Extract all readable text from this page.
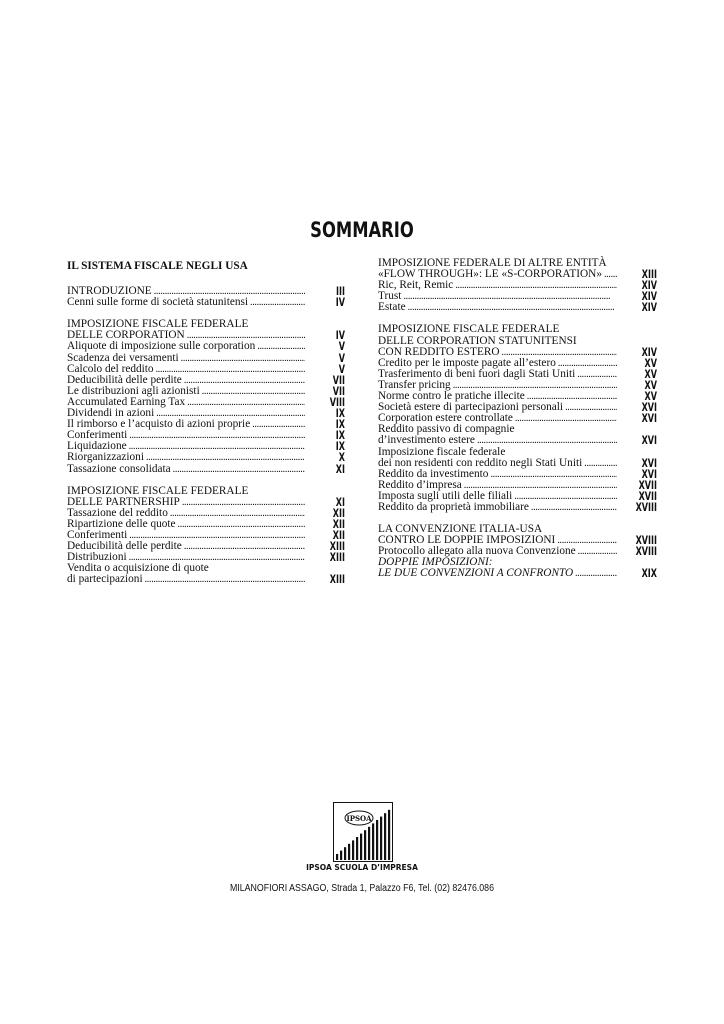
SOMMARIO
IL SISTEMA FISCALE NEGLI USA
INTRODUZIONE . . .	III
Cenni sulle forme di società statunitensi . . .	IV
IMPOSIZIONE FISCALE FEDERALE
DELLE CORPORATION . . .	IV
Aliquote di imposizione sulle corporation . . .	V
Scadenza dei versamenti . . .	V
Calcolo del reddito . . .	V
Deducibilità delle perdite . . .	VII
Le distribuzioni agli azionisti . . .	VII
Accumulated Earning Tax . . .	VIII
Dividendi in azioni . . .	IX
Il rimborso e l’acquisto di azioni proprie . . .	IX
Conferimenti . . .	IX
Liquidazione . . .	IX
Riorganizzazioni . . .	X
Tassazione consolidata . . .	XI
IMPOSIZIONE FISCALE FEDERALE
DELLE PARTNERSHIP . . .	XI
Tassazione del reddito . . .	XII
Ripartizione delle quote . . .	XII
Conferimenti . . .	XII
Deducibilità delle perdite . . .	XIII
Distribuzioni . . .	XIII
Vendita o acquisizione di quote
di partecipazioni . . .	XIII
IMPOSIZIONE FEDERALE DI ALTRE ENTITÀ
«FLOW THROUGH»: LE «S-CORPORATION» . . .	XIII
Ric, Reit, Remic . . .	XIV
Trust . . .	XIV
Estate . . .	XIV
IMPOSIZIONE FISCALE FEDERALE
DELLE CORPORATION STATUNITENSI
CON REDDITO ESTERO . . .	XIV
Credito per le imposte pagate all’estero . . .	XV
Trasferimento di beni fuori dagli Stati Uniti . . .	XV
Transfer pricing . . .	XV
Norme contro le pratiche illecite . . .	XV
Società estere di partecipazioni personali . . .	XVI
Corporation estere controllate . . .	XVI
Reddito passivo di compagnie
d’investimento estere . . .	XVI
Imposizione fiscale federale
dei non residenti con reddito negli Stati Uniti . . .	XVI
Reddito da investimento . . .	XVI
Reddito d’impresa . . .	XVII
Imposta sugli utili delle filiali . . .	XVII
Reddito da proprietà immobiliare . . .	XVIII
LA CONVENZIONE ITALIA-USA
CONTRO LE DOPPIE IMPOSIZIONI . . .	XVIII
Protocollo allegato alla nuova Convenzione . . .	XVIII
DOPPIE IMPOSIZIONI:
LE DUE CONVENZIONI A CONFRONTO . . .	XIX
IPSOA
IPSOA SCUOLA D’IMPRESA
MILANOFIORI ASSAGO, Strada 1, Palazzo F6, Tel. (02) 82476.086
